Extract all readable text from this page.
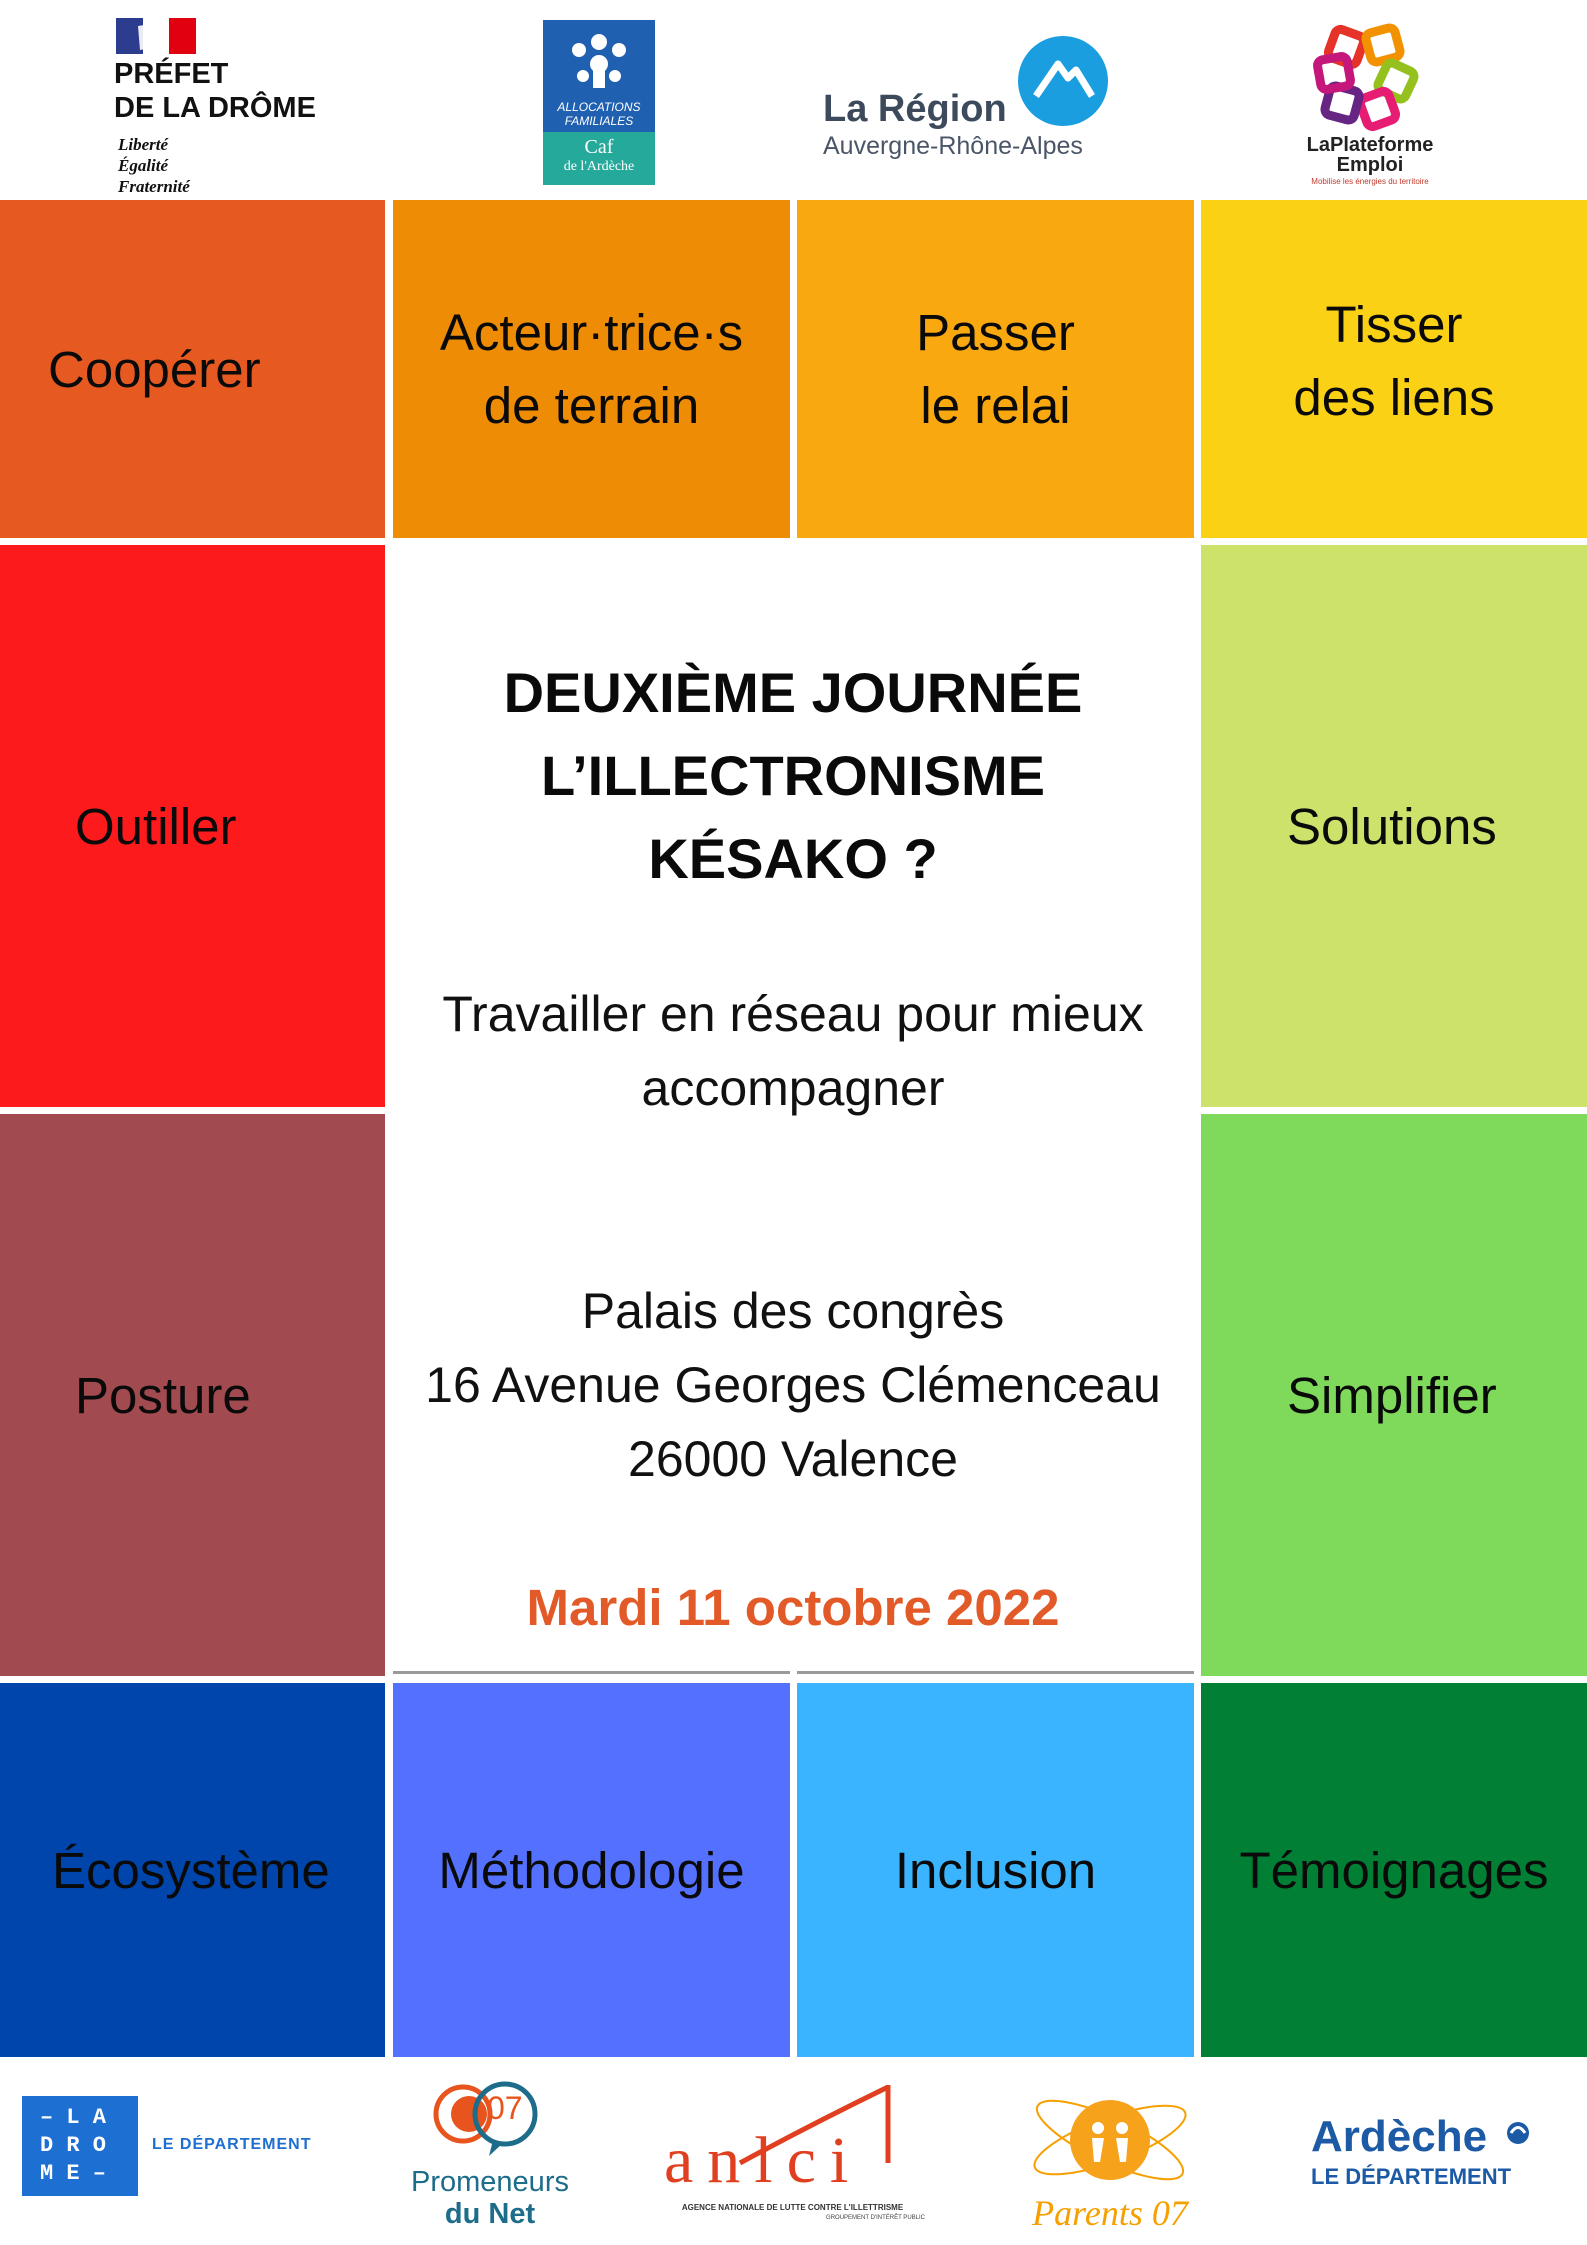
PRÉFET
DE LA DRÔME
Liberté
Égalité
Fraternité
ALLOCATIONS
FAMILIALES
Caf
de l'Ardèche
La Région
Auvergne-Rhône-Alpes	LaPlateforme
Emploi
Mobilise les énergies du territoire
Coopérer
Acteur·trice·s
de terrain
Passer
le relai
Tisser
des liens
Outiller	Solutions
Posture	Simplifier
DEUXIÈME JOURNÉE
L’ILLECTRONISME
KÉSAKO ?
Travailler en réseau pour mieux
accompagner
Palais des congrès
16 Avenue Georges Clémenceau
26000 Valence
Mardi 11 octobre 2022
Écosystème Méthodologie	Inclusion	Témoignages
– L A
D R O
M E –
LE DÉPARTEMENT
07
Promeneurs
du Net
anlci
AGENCE NATIONALE DE LUTTE CONTRE L'ILLETTRISME
GROUPEMENT D'INTÉRÊT PUBLIC	Parents 07
Ardèche
LE DÉPARTEMENT
